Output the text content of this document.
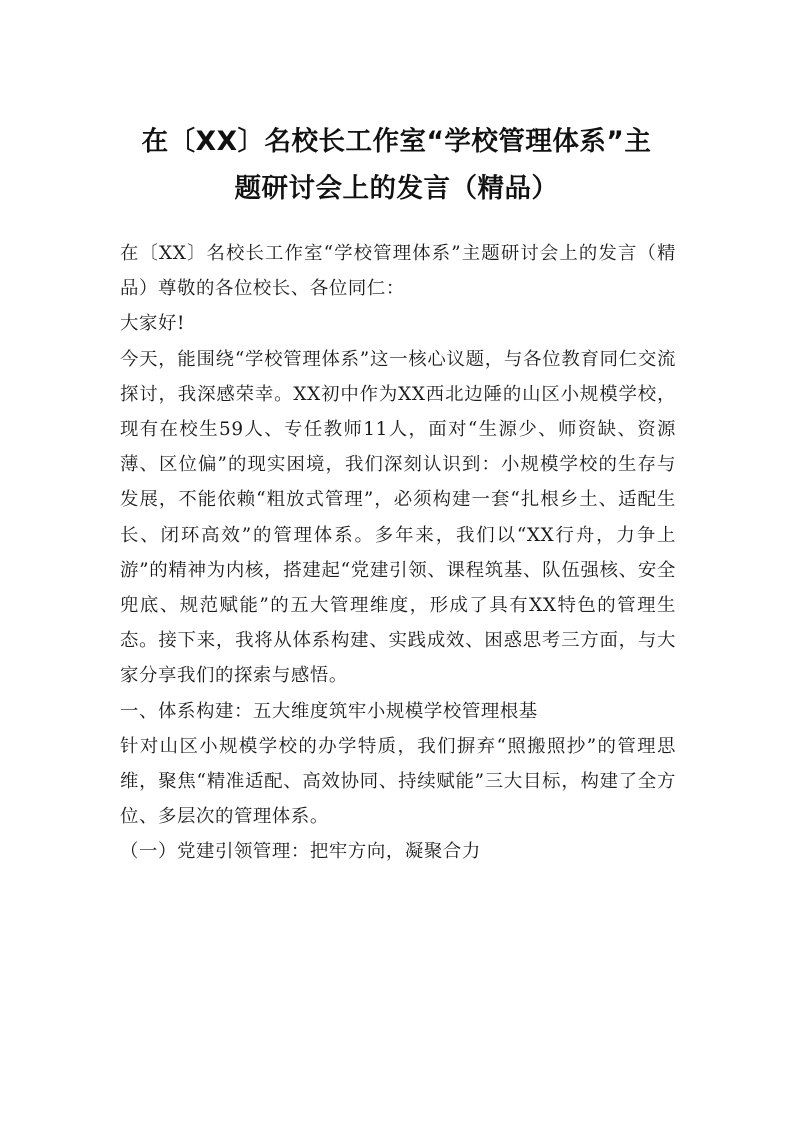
在〔XX〕名校长工作室“学校管理体系”主
题研讨会上的发言（精品）

在〔XX〕名校长工作室“学校管理体系”主题研讨会上的发言（精品）尊敬的各位校长、各位同仁：

大家好!

今天，能围绕“学校管理体系”这一核心议题，与各位教育同仁交流探讨，我深感荣幸。XX初中作为XX西北边陲的山区小规模学校，现有在校生59人、专任教师11人，面对“生源少、师资缺、资源薄、区位偏”的现实困境，我们深刻认识到：小规模学校的生存与发展，不能依赖“粗放式管理”，必须构建一套“扎根乡土、适配生长、闭环高效”的管理体系。多年来，我们以“XX行舟，力争上游”的精神为内核，搭建起“党建引领、课程筑基、队伍强核、安全兜底、规范赋能”的五大管理维度，形成了具有XX特色的管理生态。接下来，我将从体系构建、实践成效、困惑思考三方面，与大家分享我们的探索与感悟。

一、体系构建：五大维度筑牢小规模学校管理根基

针对山区小规模学校的办学特质，我们摒弃“照搬照抄”的管理思维，聚焦“精准适配、高效协同、持续赋能”三大目标，构建了全方位、多层次的管理体系。

（一）党建引领管理：把牢方向，凝聚合力
